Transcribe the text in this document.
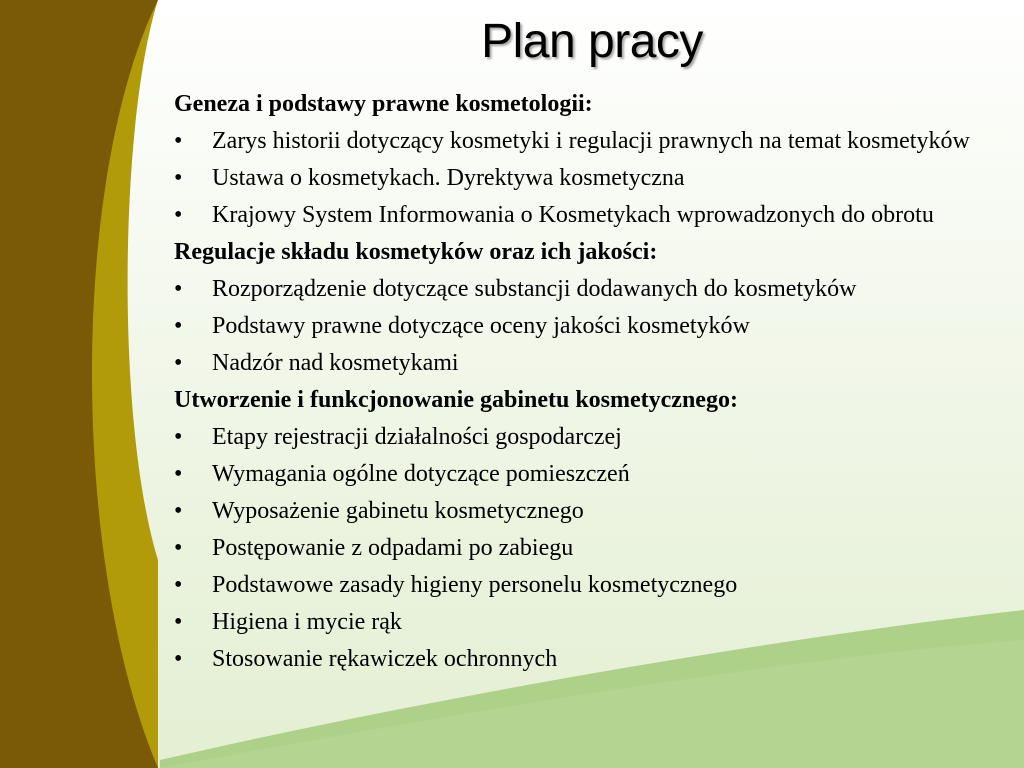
Plan pracy
Geneza i podstawy prawne kosmetologii:
• Zarys historii dotyczący kosmetyki i regulacji prawnych na temat kosmetyków
• Ustawa o kosmetykach. Dyrektywa kosmetyczna
• Krajowy System Informowania o Kosmetykach wprowadzonych do obrotu
Regulacje składu kosmetyków oraz ich jakości:
• Rozporządzenie dotyczące substancji dodawanych do kosmetyków
• Podstawy prawne dotyczące oceny jakości kosmetyków
• Nadzór nad kosmetykami
Utworzenie i funkcjonowanie gabinetu kosmetycznego:
• Etapy rejestracji działalności gospodarczej
• Wymagania ogólne dotyczące pomieszczeń
• Wyposażenie gabinetu kosmetycznego
• Postępowanie z odpadami po zabiegu
• Podstawowe zasady higieny personelu kosmetycznego
• Higiena i mycie rąk
• Stosowanie rękawiczek ochronnych
